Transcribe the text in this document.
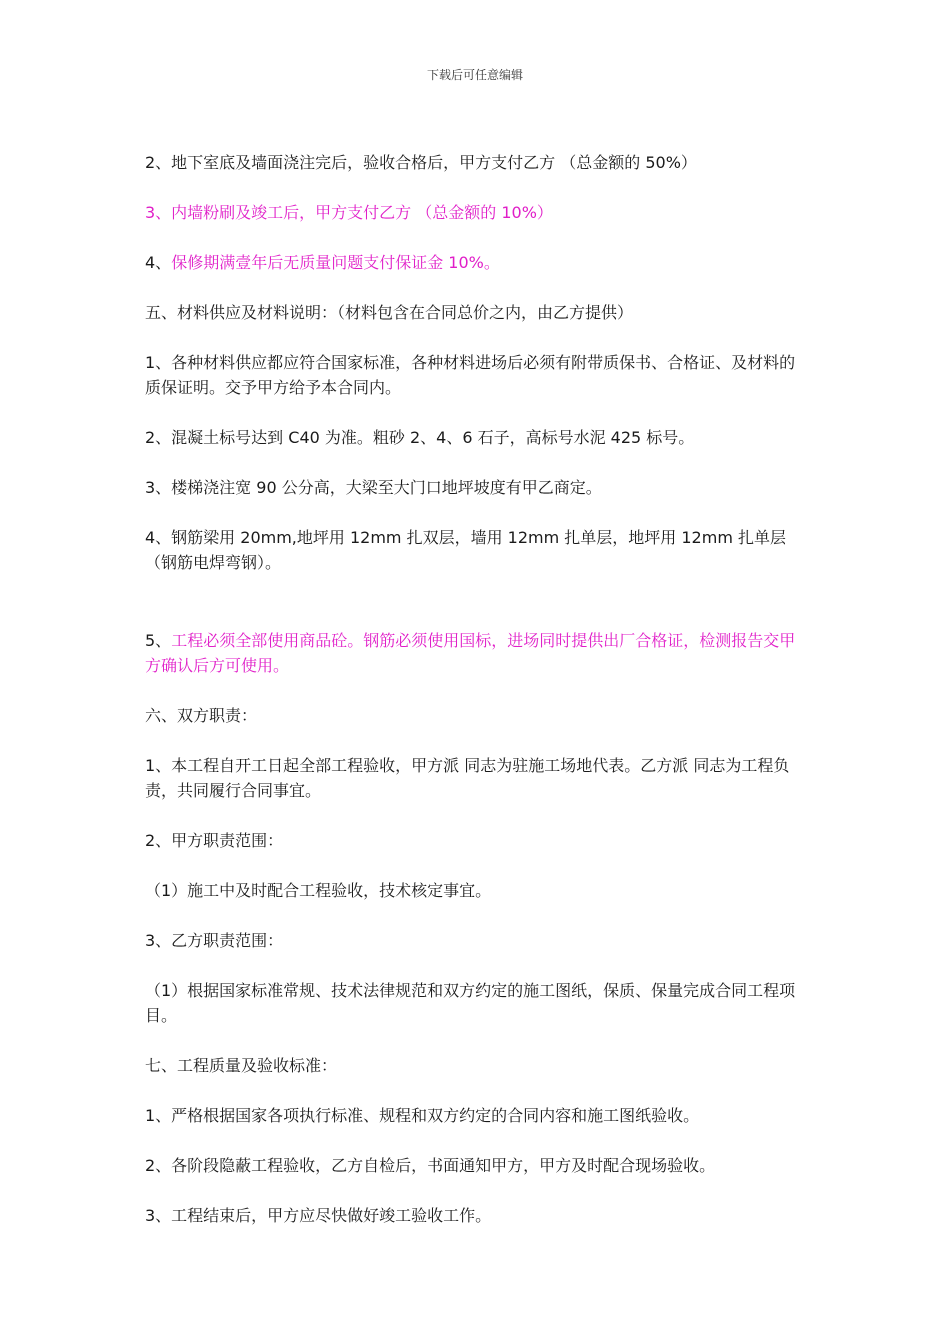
下载后可任意编辑

2、地下室底及墙面浇注完后，验收合格后，甲方支付乙方 （总金额的 50%）

3、内墙粉刷及竣工后，甲方支付乙方 （总金额的 10%）

4、保修期满壹年后无质量问题支付保证金 10%。

五、材料供应及材料说明：（材料包含在合同总价之内，由乙方提供）

1、各种材料供应都应符合国家标准，各种材料进场后必须有附带质保书、合格证、及材料的质保证明。交予甲方给予本合同内。

2、混凝土标号达到 C40 为准。粗砂 2、4、6 石子，高标号水泥 425 标号。

3、楼梯浇注宽 90 公分高，大梁至大门口地坪坡度有甲乙商定。

4、钢筋梁用 20mm,地坪用 12mm 扎双层，墙用 12mm 扎单层，地坪用 12mm 扎单层（钢筋电焊弯钢）。

5、工程必须全部使用商品砼。钢筋必须使用国标，进场同时提供出厂合格证，检测报告交甲方确认后方可使用。

六、双方职责：

1、本工程自开工日起全部工程验收，甲方派 同志为驻施工场地代表。乙方派 同志为工程负责，共同履行合同事宜。

2、甲方职责范围：

（1）施工中及时配合工程验收，技术核定事宜。

3、乙方职责范围：

（1）根据国家标准常规、技术法律规范和双方约定的施工图纸，保质、保量完成合同工程项目。

七、工程质量及验收标准：

1、严格根据国家各项执行标准、规程和双方约定的合同内容和施工图纸验收。

2、各阶段隐蔽工程验收，乙方自检后，书面通知甲方，甲方及时配合现场验收。

3、工程结束后，甲方应尽快做好竣工验收工作。
